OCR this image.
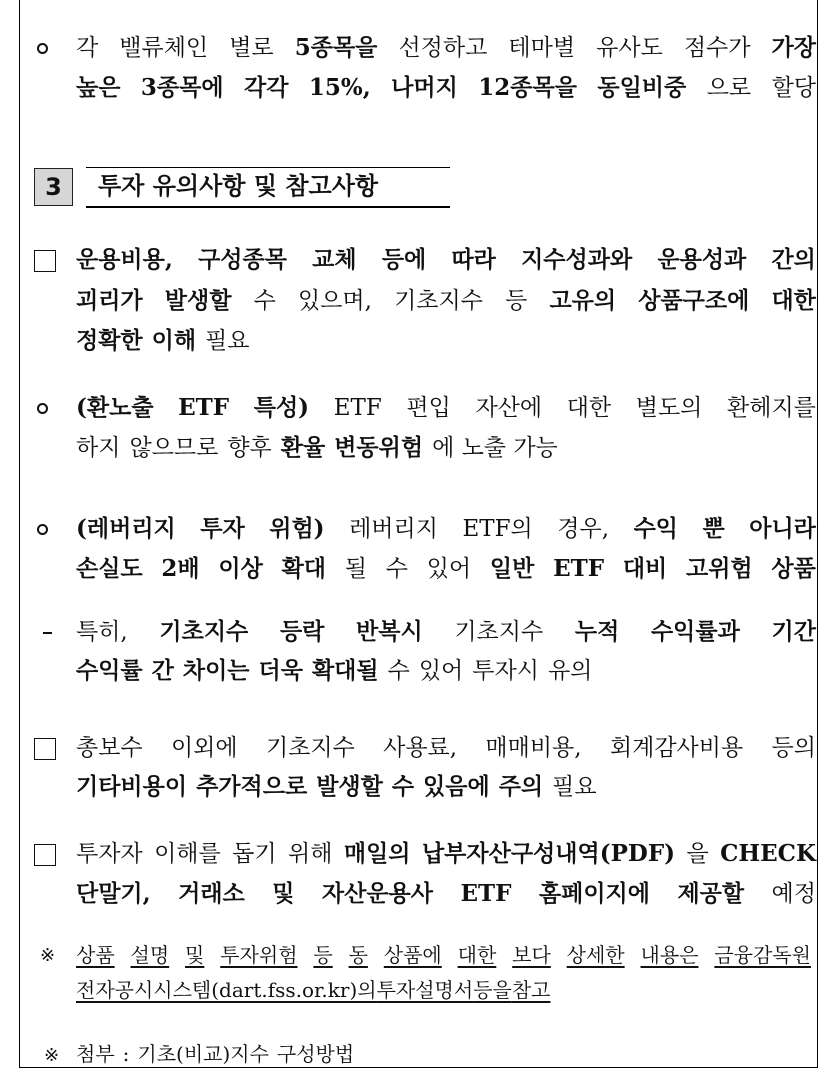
각 밸류체인 별로 5종목을 선정하고 테마별 유사도 점수가 가장
높은 3종목에 각각 15%, 나머지 12종목을 동일비중 으로 할당
3	투자 유의사항 및 참고사항
운용비용, 구성종목 교체 등에 따라 지수성과와 운용성과 간의
괴리가 발생할 수 있으며, 기초지수 등 고유의 상품구조에 대한
정확한 이해 필요
(환노출 ETF 특성) ETF 편입 자산에 대한 별도의 환헤지를
하지 않으므로 향후 환율 변동위험 에 노출 가능
(레버리지 투자 위험) 레버리지 ETF의 경우, 수익 뿐 아니라
손실도 2배 이상 확대 될 수 있어 일반 ETF 대비 고위험 상품
특히, 기초지수 등락 반복시 기초지수 누적 수익률과 기간
수익률 간 차이는 더욱 확대될 수 있어 투자시 유의
총보수 이외에 기초지수 사용료, 매매비용, 회계감사비용 등의
기타비용이 추가적으로 발생할 수 있음에 주의 필요
투자자 이해를 돕기 위해 매일의 납부자산구성내역(PDF) 을 CHECK
단말기, 거래소 및 자산운용사 ETF 홈페이지에 제공할 예정
※ 상품 설명 및 투자위험 등 동 상품에 대한 보다 상세한 내용은 금융감독원
전자공시시스템(dart.fss.or.kr)의 투자설명서 등을 참고
※ 첨부 : 기초(비교)지수 구성방법
